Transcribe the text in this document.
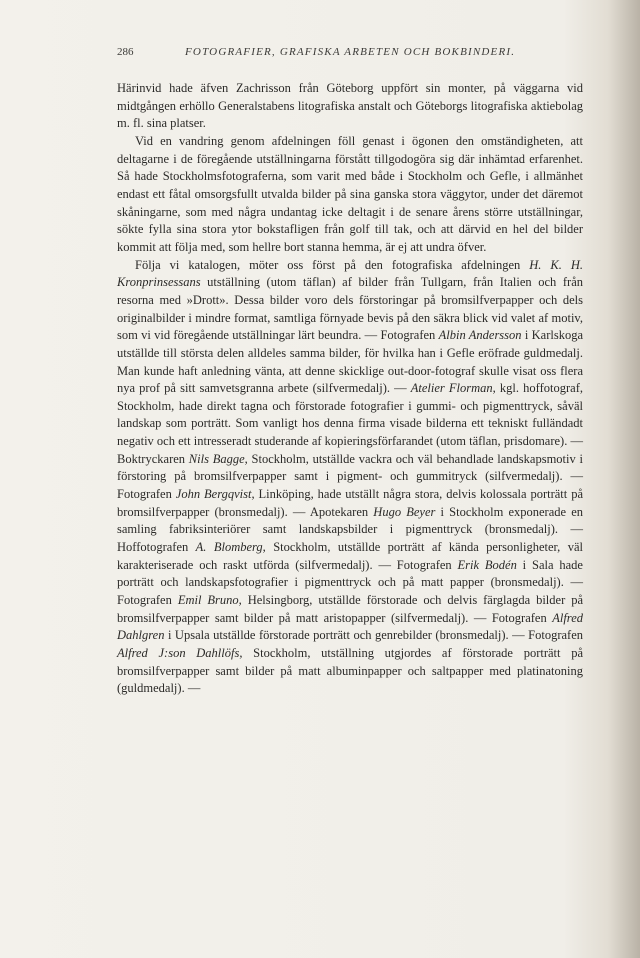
286	FOTOGRAFIER, GRAFISKA ARBETEN OCH BOKBINDERI.

Härinvid hade äfven Zachrisson från Göteborg uppfört sin monter, på väggarna vid midtgången erhöllo Generalstabens litografiska anstalt och Göteborgs litografiska aktiebolag m. fl. sina platser.

Vid en vandring genom afdelningen föll genast i ögonen den omständigheten, att deltagarne i de föregående utställningarna förstått tillgodogöra sig där inhämtad erfarenhet. Så hade Stockholmsfotograferna, som varit med både i Stockholm och Gefle, i allmänhet endast ett fåtal omsorgsfullt utvalda bilder på sina ganska stora väggytor, under det däremot skåningarne, som med några undantag icke deltagit i de senare årens större utställningar, sökte fylla sina stora ytor bokstafligen från golf till tak, och att därvid en hel del bilder kommit att följa med, som hellre bort stanna hemma, är ej att undra öfver.

Följa vi katalogen, möter oss först på den fotografiska afdelningen H. K. H. Kronprinsessans utställning (utom täflan) af bilder från Tullgarn, från Italien och från resorna med »Drott». Dessa bilder voro dels förstoringar på bromsilfverpapper och dels originalbilder i mindre format, samtliga förnyade bevis på den säkra blick vid valet af motiv, som vi vid föregående utställningar lärt beundra. — Fotografen Albin Andersson i Karlskoga utställde till största delen alldeles samma bilder, för hvilka han i Gefle eröfrade guldmedalj. Man kunde haft anledning vänta, att denne skicklige out-door-fotograf skulle visat oss flera nya prof på sitt samvetsgranna arbete (silfvermedalj). — Atelier Florman, kgl. hoffotograf, Stockholm, hade direkt tagna och förstorade fotografier i gummi- och pigmenttryck, såväl landskap som porträtt. Som vanligt hos denna firma visade bilderna ett tekniskt fulländadt negativ och ett intresseradt studerande af kopieringsförfarandet (utom täflan, prisdomare). — Boktryckaren Nils Bagge, Stockholm, utställde vackra och väl behandlade landskapsmotiv i förstoring på bromsilfverpapper samt i pigment- och gummitryck (silfvermedalj). — Fotografen John Bergqvist, Linköping, hade utställt några stora, delvis kolossala porträtt på bromsilfverpapper (bronsmedalj). — Apotekaren Hugo Beyer i Stockholm exponerade en samling fabriksinteriörer samt landskapsbilder i pigmenttryck (bronsmedalj). — Hoffotografen A. Blomberg, Stockholm, utställde porträtt af kända personligheter, väl karakteriserade och raskt utförda (silfvermedalj). — Fotografen Erik Bodén i Sala hade porträtt och landskapsfotografier i pigmenttryck och på matt papper (bronsmedalj). — Fotografen Emil Bruno, Helsingborg, utställde förstorade och delvis färglagda bilder på bromsilfverpapper samt bilder på matt aristopapper (silfvermedalj). — Fotografen Alfred Dahlgren i Upsala utställde förstorade porträtt och genrebilder (bronsmedalj). — Fotografen Alfred J:son Dahllöfs, Stockholm, utställning utgjordes af förstorade porträtt på bromsilfverpapper samt bilder på matt albuminpapper och saltpapper med platinatoning (guldmedalj). —
